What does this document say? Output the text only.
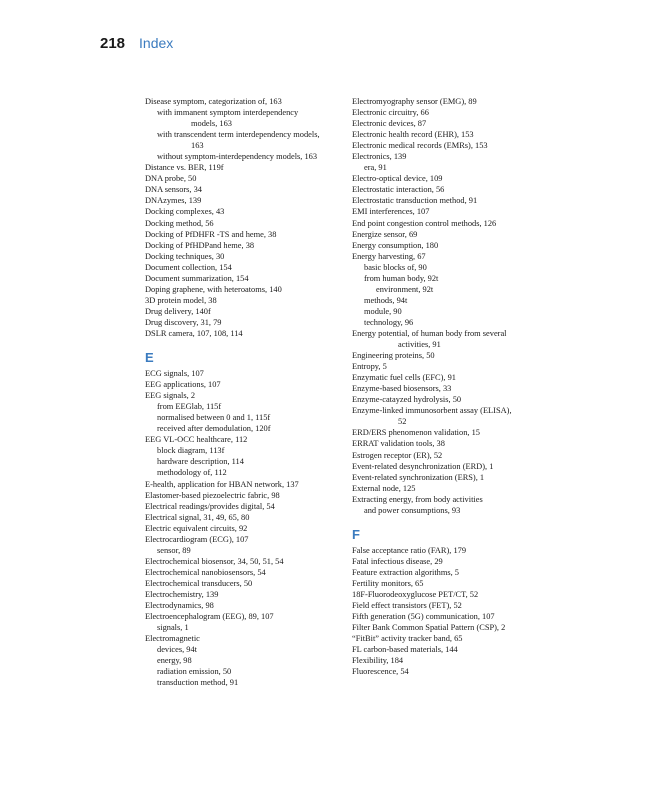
218 Index
Disease symptom, categorization of, 163
with immanent symptom interdependency
models, 163
with transcendent term interdependency models,
163
without symptom-interdependency models, 163
Distance vs. BER, 119f
DNA probe, 50
DNA sensors, 34
DNAzymes, 139
Docking complexes, 43
Docking method, 56
Docking of PfDHFR -TS and heme, 38
Docking of PfHDPand heme, 38
Docking techniques, 30
Document collection, 154
Document summarization, 154
Doping graphene, with heteroatoms, 140
3D protein model, 38
Drug delivery, 140f
Drug discovery, 31, 79
DSLR camera, 107, 108, 114
E
ECG signals, 107
EEG applications, 107
EEG signals, 2
from EEGlab, 115f
normalised between 0 and 1, 115f
received after demodulation, 120f
EEG VL-OCC healthcare, 112
block diagram, 113f
hardware description, 114
methodology of, 112
E-health, application for HBAN network, 137
Elastomer-based piezoelectric fabric, 98
Electrical readings/provides digital, 54
Electrical signal, 31, 49, 65, 80
Electric equivalent circuits, 92
Electrocardiogram (ECG), 107
sensor, 89
Electrochemical biosensor, 34, 50, 51, 54
Electrochemical nanobiosensors, 54
Electrochemical transducers, 50
Electrochemistry, 139
Electrodynamics, 98
Electroencephalogram (EEG), 89, 107
signals, 1
Electromagnetic
devices, 94t
energy, 98
radiation emission, 50
transduction method, 91
Electromyography sensor (EMG), 89
Electronic circuitry, 66
Electronic devices, 87
Electronic health record (EHR), 153
Electronic medical records (EMRs), 153
Electronics, 139
era, 91
Electro-optical device, 109
Electrostatic interaction, 56
Electrostatic transduction method, 91
EMI interferences, 107
End point congestion control methods, 126
Energize sensor, 69
Energy consumption, 180
Energy harvesting, 67
basic blocks of, 90
from human body, 92t
environment, 92t
methods, 94t
module, 90
technology, 96
Energy potential, of human body from several
activities, 91
Engineering proteins, 50
Entropy, 5
Enzymatic fuel cells (EFC), 91
Enzyme-based biosensors, 33
Enzyme-catayzed hydrolysis, 50
Enzyme-linked immunosorbent assay (ELISA),
52
ERD/ERS phenomenon validation, 15
ERRAT validation tools, 38
Estrogen receptor (ER), 52
Event-related desynchronization (ERD), 1
Event-related synchronization (ERS), 1
External node, 125
Extracting energy, from body activities
and power consumptions, 93
F
False acceptance ratio (FAR), 179
Fatal infectious disease, 29
Feature extraction algorithms, 5
Fertility monitors, 65
18F-Fluorodeoxyglucose PET/CT, 52
Field effect transistors (FET), 52
Fifth generation (5G) communication, 107
Filter Bank Common Spatial Pattern (CSP), 2
“FitBit” activity tracker band, 65
FL carbon-based materials, 144
Flexibility, 184
Fluorescence, 54
